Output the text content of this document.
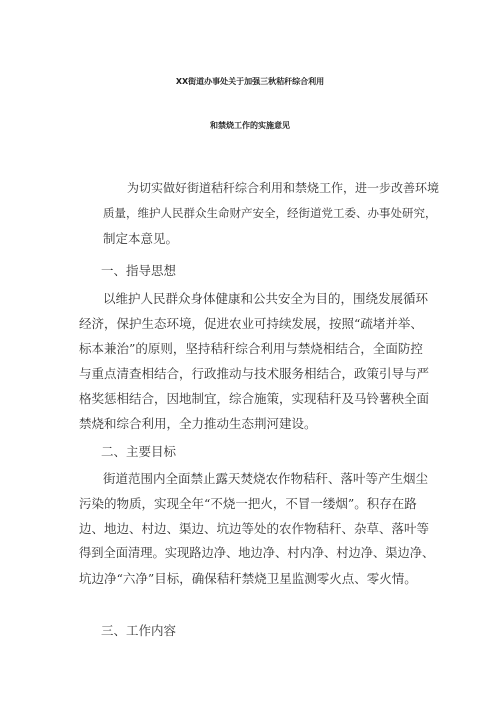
XX街道办事处关于加强三秋秸秆综合利用
和禁烧工作的实施意见
为切实做好街道秸秆综合利用和禁烧工作，进一步改善环境
质量，维护人民群众生命财产安全，经街道党工委、办事处研究，
制定本意见。

一、指导思想

以维护人民群众身体健康和公共安全为目的，围绕发展循环
经济，保护生态环境，促进农业可持续发展，按照“疏堵并举、
标本兼治”的原则，坚持秸秆综合利用与禁烧相结合，全面防控
与重点清查相结合，行政推动与技术服务相结合，政策引导与严
格奖惩相结合，因地制宜，综合施策，实现秸秆及马铃薯秧全面
禁烧和综合利用，全力推动生态荆河建设。

二、主要目标

街道范围内全面禁止露天焚烧农作物秸秆、落叶等产生烟尘
污染的物质，实现全年“不烧一把火，不冒一缕烟”。积存在路
边、地边、村边、渠边、坑边等处的农作物秸秆、杂草、落叶等
得到全面清理。实现路边净、地边净、村内净、村边净、渠边净、
坑边净“六净”目标，确保秸秆禁烧卫星监测零火点、零火情。

三、工作内容
